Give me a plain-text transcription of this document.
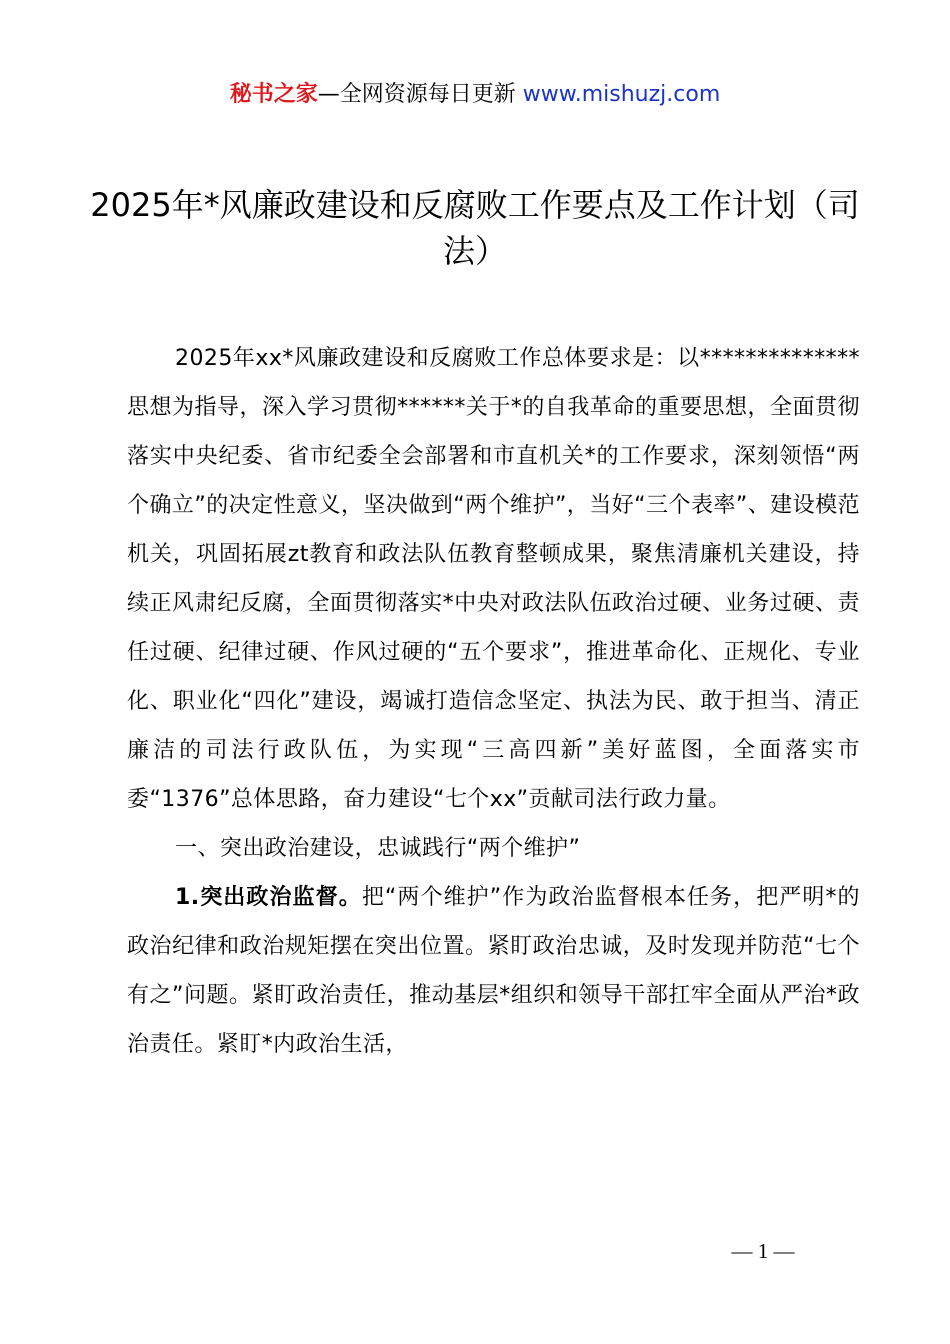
秘书之家—全网资源每日更新 www.mishuzj.com
2025年*风廉政建设和反腐败工作要点及工作计划（司法）

2025年xx*风廉政建设和反腐败工作总体要求是：以**************思想为指导，深入学习贯彻******关于*的自我革命的重要思想，全面贯彻落实中央纪委、省市纪委全会部署和市直机关*的工作要求，深刻领悟“两个确立”的决定性意义，坚决做到“两个维护”，当好“三个表率”、建设模范机关，巩固拓展zt教育和政法队伍教育整顿成果，聚焦清廉机关建设，持续正风肃纪反腐，全面贯彻落实*中央对政法队伍政治过硬、业务过硬、责任过硬、纪律过硬、作风过硬的“五个要求”，推进革命化、正规化、专业化、职业化“四化”建设，竭诚打造信念坚定、执法为民、敢于担当、清正廉洁的司法行政队伍，为实现“三高四新”美好蓝图，全面落实市委“1376”总体思路，奋力建设“七个xx”贡献司法行政力量。

一、突出政治建设，忠诚践行“两个维护”

1.突出政治监督。把“两个维护”作为政治监督根本任务，把严明*的政治纪律和政治规矩摆在突出位置。紧盯政治忠诚，及时发现并防范“七个有之”问题。紧盯政治责任，推动基层*组织和领导干部扛牢全面从严治*政治责任。紧盯*内政治生活，

— 1 —
